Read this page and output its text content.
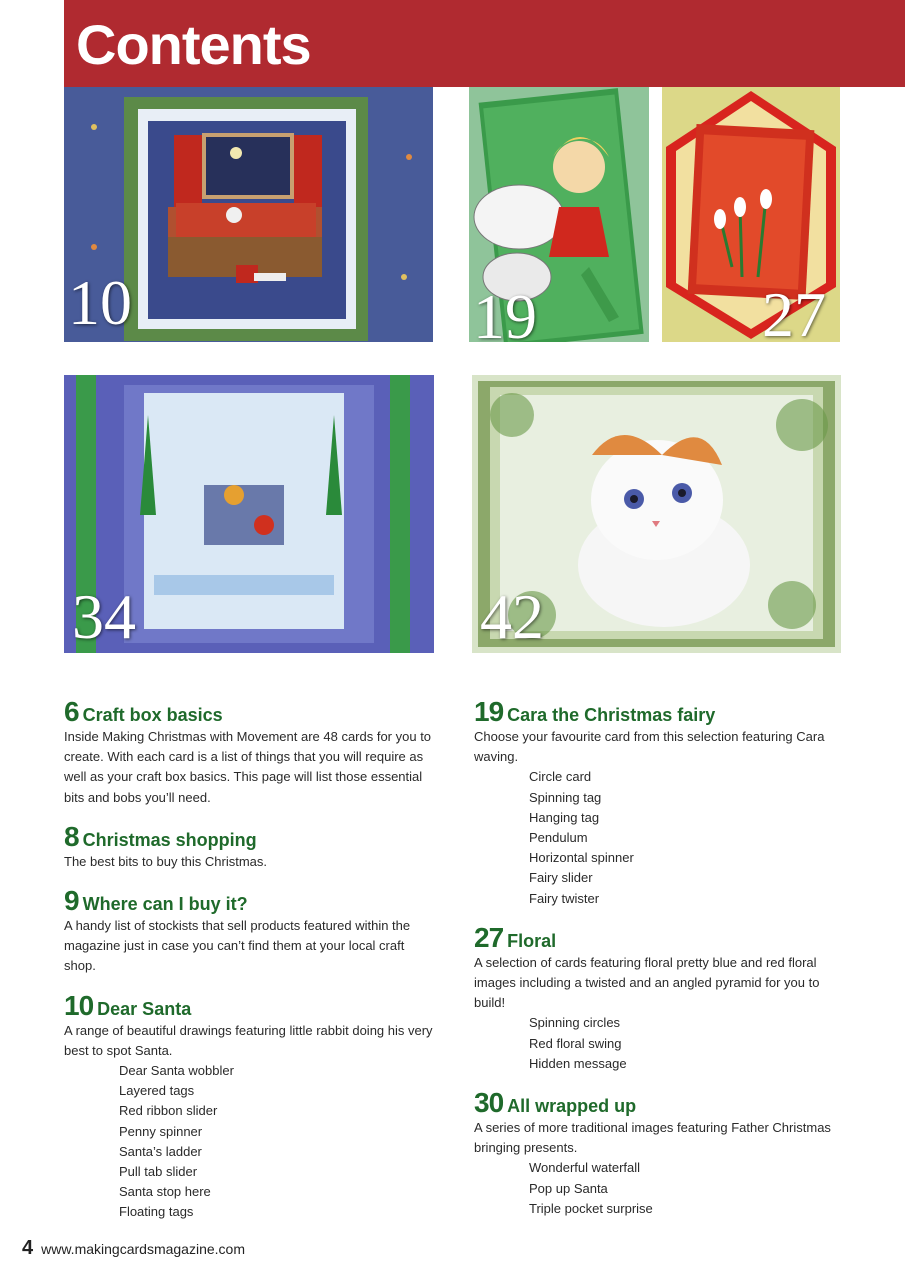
Contents
10	19	27
34	42
6 Craft box basics

Inside Making Christmas with Movement are 48 cards for you to create. With each card is a list of things that you will require as well as your craft box basics. This page will list those essential bits and bobs you’ll need.

8 Christmas shopping

The best bits to buy this Christmas.

9 Where can I buy it?

A handy list of stockists that sell products featured within the magazine just in case you can’t find them at your local craft shop.

10 Dear Santa

A range of beautiful drawings featuring little rabbit doing his very best to spot Santa.

Dear Santa wobbler
Layered tags
Red ribbon slider
Penny spinner
Santa’s ladder
Pull tab slider
Santa stop here
Floating tags
19 Cara the Christmas fairy

Choose your favourite card from this selection featuring Cara waving.

Circle card
Spinning tag
Hanging tag
Pendulum
Horizontal spinner
Fairy slider
Fairy twister
27 Floral

A selection of cards featuring floral pretty blue and red floral images including a twisted and an angled pyramid for you to build!

Spinning circles
Red floral swing
Hidden message
30 All wrapped up

A series of more traditional images featuring Father Christmas bringing presents.

Wonderful waterfall
Pop up Santa
Triple pocket surprise
4 www.makingcardsmagazine.com
